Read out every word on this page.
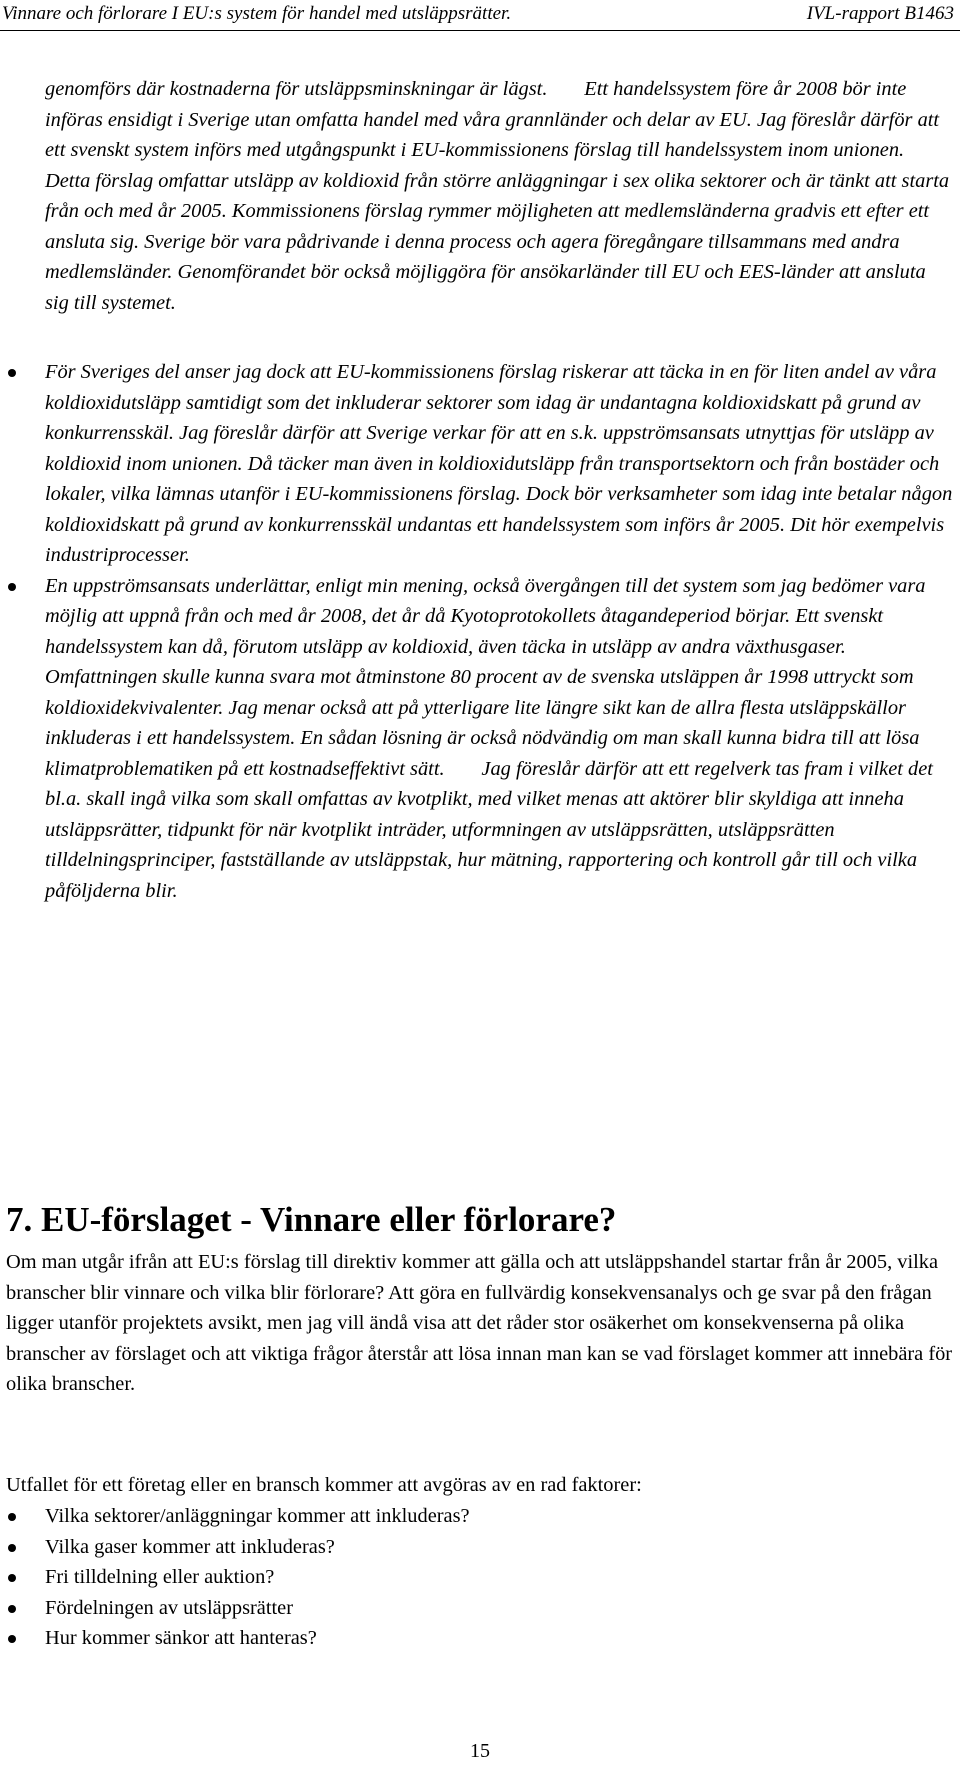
Vinnare och förlorare I EU:s system för handel med utsläppsrätter.	IVL-rapport B1463
genomförs där kostnaderna för utsläppsminskningar är lägst. Ett handelssystem före år 2008 bör inte införas ensidigt i Sverige utan omfatta handel med våra grannländer och delar av EU. Jag föreslår därför att ett svenskt system införs med utgångspunkt i EU-kommissionens förslag till handelssystem inom unionen. Detta förslag omfattar utsläpp av koldioxid från större anläggningar i sex olika sektorer och är tänkt att starta från och med år 2005. Kommissionens förslag rymmer möjligheten att medlemsländerna gradvis ett efter ett ansluta sig. Sverige bör vara pådrivande i denna process och agera föregångare tillsammans med andra medlemsländer. Genomförandet bör också möjliggöra för ansökarländer till EU och EES-länder att ansluta sig till systemet.
För Sveriges del anser jag dock att EU-kommissionens förslag riskerar att täcka in en för liten andel av våra koldioxidutsläpp samtidigt som det inkluderar sektorer som idag är undantagna koldioxidskatt på grund av konkurrensskäl. Jag föreslår därför att Sverige verkar för att en s.k. uppströmsansats utnyttjas för utsläpp av koldioxid inom unionen. Då täcker man även in koldioxidutsläpp från transportsektorn och från bostäder och lokaler, vilka lämnas utanför i EU-kommissionens förslag. Dock bör verksamheter som idag inte betalar någon koldioxidskatt på grund av konkurrensskäl undantas ett handelssystem som införs år 2005. Dit hör exempelvis industriprocesser.
En uppströmsansats underlättar, enligt min mening, också övergången till det system som jag bedömer vara möjlig att uppnå från och med år 2008, det år då Kyotoprotokollets åtagandeperiod börjar. Ett svenskt handelssystem kan då, förutom utsläpp av koldioxid, även täcka in utsläpp av andra växthusgaser. Omfattningen skulle kunna svara mot åtminstone 80 procent av de svenska utsläppen år 1998 uttryckt som koldioxidekvivalenter. Jag menar också att på ytterligare lite längre sikt kan de allra flesta utsläppskällor inkluderas i ett handelssystem. En sådan lösning är också nödvändig om man skall kunna bidra till att lösa klimatproblematiken på ett kostnadseffektivt sätt. Jag föreslår därför att ett regelverk tas fram i vilket det bl.a. skall ingå vilka som skall omfattas av kvotplikt, med vilket menas att aktörer blir skyldiga att inneha utsläppsrätter, tidpunkt för när kvotplikt inträder, utformningen av utsläppsrätten, utsläppsrätten tilldelningsprinciper, fastställande av utsläppstak, hur mätning, rapportering och kontroll går till och vilka påföljderna blir.
7. EU-förslaget - Vinnare eller förlorare?

Om man utgår ifrån att EU:s förslag till direktiv kommer att gälla och att utsläppshandel startar från år 2005, vilka branscher blir vinnare och vilka blir förlorare? Att göra en fullvärdig konsekvensanalys och ge svar på den frågan ligger utanför projektets avsikt, men jag vill ändå visa att det råder stor osäkerhet om konsekvenserna på olika branscher av förslaget och att viktiga frågor återstår att lösa innan man kan se vad förslaget kommer att innebära för olika branscher.

Utfallet för ett företag eller en bransch kommer att avgöras av en rad faktorer:

Vilka sektorer/anläggningar kommer att inkluderas?
Vilka gaser kommer att inkluderas?
Fri tilldelning eller auktion?
Fördelningen av utsläppsrätter
Hur kommer sänkor att hanteras?
15
